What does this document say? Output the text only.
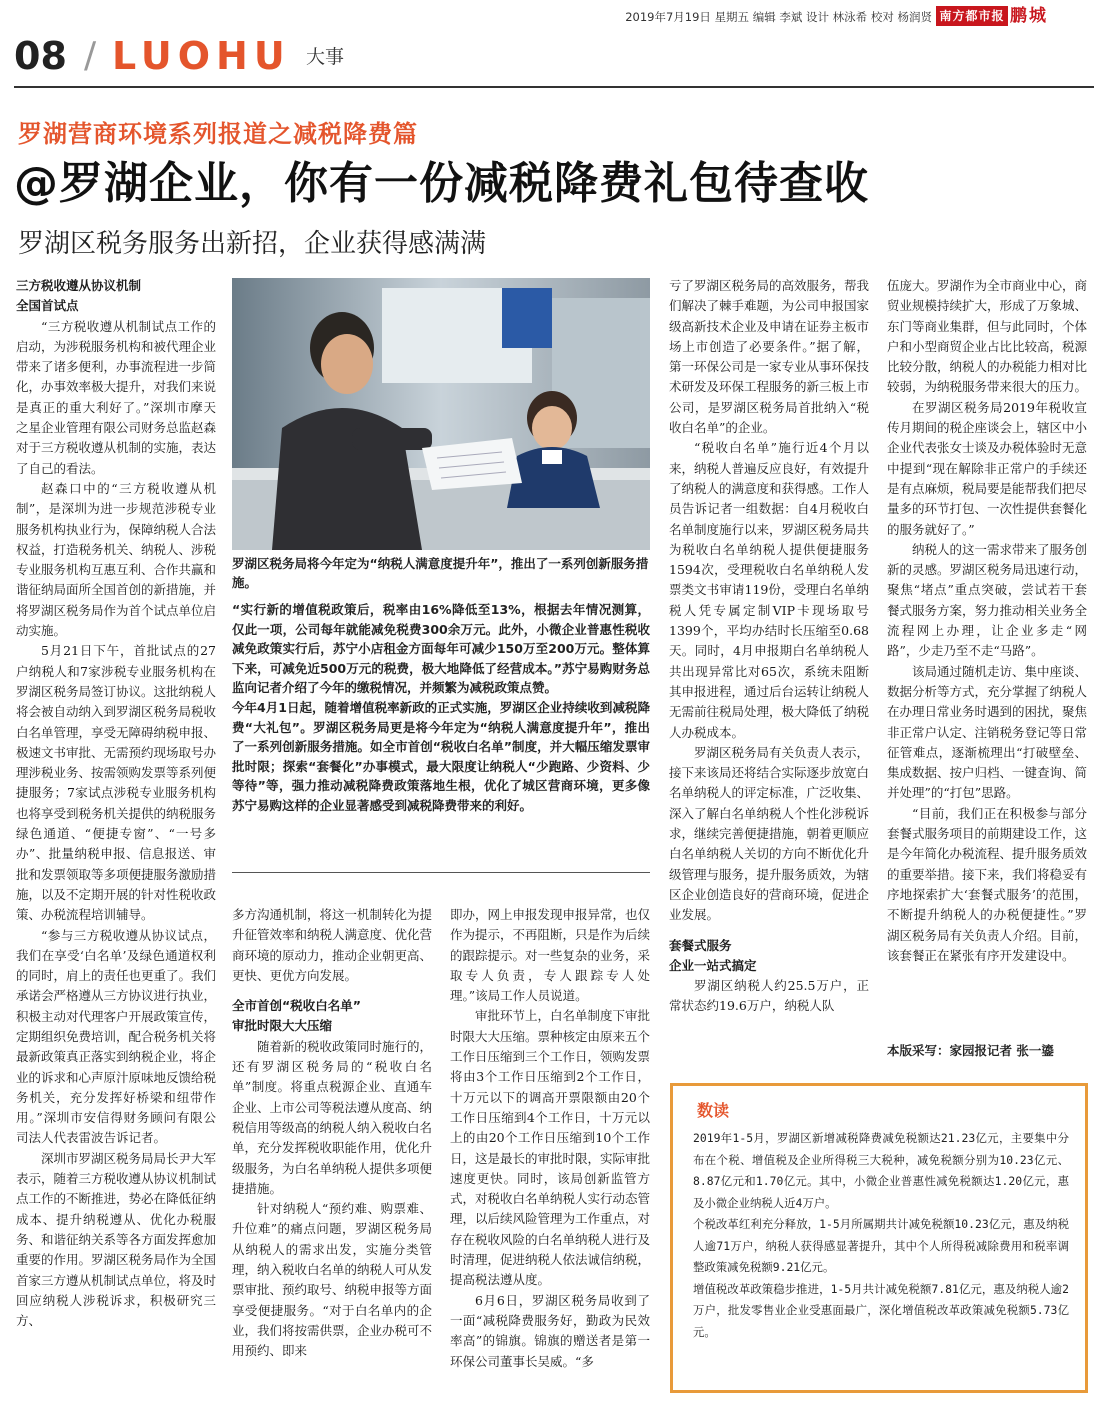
2019年7月19日 星期五 编辑 李斌 设计 林泳希 校对 杨润贤 南方都市报 鹏城
08 / LUOHU 大事
罗湖营商环境系列报道之减税降费篇
@罗湖企业，你有一份减税降费礼包待查收
罗湖区税务服务出新招，企业获得感满满

三方税收遵从协议机制

全国首试点

“三方税收遵从机制试点工作的启动，为涉税服务机构和被代理企业带来了诸多便利，办事流程进一步简化，办事效率极大提升，对我们来说是真正的重大利好了。”深圳市摩天之星企业管理有限公司财务总监赵森对于三方税收遵从机制的实施，表达了自己的看法。

赵森口中的“三方税收遵从机制”，是深圳为进一步规范涉税专业服务机构执业行为，保障纳税人合法权益，打造税务机关、纳税人、涉税专业服务机构互惠互利、合作共赢和谐征纳局面所全国首创的新措施，并将罗湖区税务局作为首个试点单位启动实施。

5月21日下午，首批试点的27户纳税人和7家涉税专业服务机构在罗湖区税务局签订协议。这批纳税人将会被自动纳入到罗湖区税务局税收白名单管理，享受无障碍纳税申报、极速文书审批、无需预约现场取号办理涉税业务、按需领购发票等系列便捷服务；7家试点涉税专业服务机构也将享受到税务机关提供的纳税服务绿色通道、“便捷专窗”、“一号多办”、批量纳税申报、信息报送、审批和发票领取等多项便捷服务激励措施，以及不定期开展的针对性税收政策、办税流程培训辅导。

“参与三方税收遵从协议试点，我们在享受‘白名单’及绿色通道权利的同时，肩上的责任也更重了。我们承诺会严格遵从三方协议进行执业，积极主动对代理客户开展政策宣传，定期组织免费培训，配合税务机关将最新政策真正落实到纳税企业，将企业的诉求和心声原汁原味地反馈给税务机关，充分发挥好桥梁和纽带作用。”深圳市安信得财务顾问有限公司法人代表雷波告诉记者。

深圳市罗湖区税务局局长尹大军表示，随着三方税收遵从协议机制试点工作的不断推进，势必在降低征纳成本、提升纳税遵从、优化办税服务、和谐征纳关系等各方面发挥愈加重要的作用。罗湖区税务局作为全国首家三方遵从机制试点单位，将及时回应纳税人涉税诉求，积极研究三方、

罗湖区税务局将今年定为“纳税人满意度提升年”，推出了一系列创新服务措施。

“实行新的增值税政策后，税率由16%降低至13%，根据去年情况测算，仅此一项，公司每年就能减免税费300余万元。此外，小微企业普惠性税收减免政策实行后，苏宁小店租金方面每年可减少150万至200万元。整体算下来，可减免近500万元的税费，极大地降低了经营成本。”苏宁易购财务总监向记者介绍了今年的缴税情况，并频繁为减税政策点赞。

今年4月1日起，随着增值税率新政的正式实施，罗湖区企业持续收到减税降费“大礼包”。罗湖区税务局更是将今年定为“纳税人满意度提升年”，推出了一系列创新服务措施。如全市首创“税收白名单”制度，并大幅压缩发票审批时限；探索“套餐化”办事模式，最大限度让纳税人“少跑路、少资料、少等待”等，强力推动减税降费政策落地生根，优化了城区营商环境，更多像苏宁易购这样的企业显著感受到减税降费带来的利好。

多方沟通机制，将这一机制转化为提升征管效率和纳税人满意度、优化营商环境的原动力，推动企业朝更高、更快、更优方向发展。

全市首创“税收白名单”

审批时限大大压缩

随着新的税收政策同时施行的，还有罗湖区税务局的“税收白名单”制度。将重点税源企业、直通车企业、上市公司等税法遵从度高、纳税信用等级高的纳税人纳入税收白名单，充分发挥税收职能作用，优化升级服务，为白名单纳税人提供多项便捷措施。

针对纳税人“预约难、购票难、升位难”的痛点问题，罗湖区税务局从纳税人的需求出发，实施分类管理，纳入税收白名单的纳税人可从发票审批、预约取号、纳税申报等方面享受便捷服务。“对于白名单内的企业，我们将按需供票，企业办税可不用预约、即来

即办，网上申报发现申报异常，也仅作为提示，不再阻断，只是作为后续的跟踪提示。对一些复杂的业务，采取专人负责，专人跟踪专人处理。”该局工作人员说道。

审批环节上，白名单制度下审批时限大大压缩。票种核定由原来五个工作日压缩到三个工作日，领购发票将由3个工作日压缩到2个工作日，十万元以下的调高开票限额由20个工作日压缩到4个工作日，十万元以上的由20个工作日压缩到10个工作日，这是最长的审批时限，实际审批速度更快。同时，该局创新监管方式，对税收白名单纳税人实行动态管理，以后续风险管理为工作重点，对存在税收风险的白名单纳税人进行及时清理，促进纳税人依法诚信纳税，提高税法遵从度。

6月6日，罗湖区税务局收到了一面“减税降费服务好，勤政为民效率高”的锦旗。锦旗的赠送者是第一环保公司董事长吴威。“多

亏了罗湖区税务局的高效服务，帮我们解决了棘手难题，为公司申报国家级高新技术企业及申请在证券主板市场上市创造了必要条件。”据了解，第一环保公司是一家专业从事环保技术研发及环保工程服务的新三板上市公司，是罗湖区税务局首批纳入“税收白名单”的企业。

“税收白名单”施行近4个月以来，纳税人普遍反应良好，有效提升了纳税人的满意度和获得感。工作人员告诉记者一组数据：自4月税收白名单制度施行以来，罗湖区税务局共为税收白名单纳税人提供便捷服务1594次，受理税收白名单纳税人发票类文书审请119份，受理白名单纳税人凭专属定制VIP卡现场取号1399个，平均办结时长压缩至0.68天。同时，4月申报期白名单纳税人共出现异常比对65次，系统未阻断其申报进程，通过后台运转让纳税人无需前往税局处理，极大降低了纳税人办税成本。

罗湖区税务局有关负责人表示，接下来该局还将结合实际逐步放宽白名单纳税人的评定标准，广泛收集、深入了解白名单纳税人个性化涉税诉求，继续完善便捷措施，朝着更顺应白名单纳税人关切的方向不断优化升级管理与服务，提升服务质效，为辖区企业创造良好的营商环境，促进企业发展。

套餐式服务

企业一站式搞定

罗湖区纳税人约25.5万户，正常状态约19.6万户，纳税人队

伍庞大。罗湖作为全市商业中心，商贸业规模持续扩大，形成了万象城、东门等商业集群，但与此同时，个体户和小型商贸企业占比比较高，税源比较分散，纳税人的办税能力相对比较弱，为纳税服务带来很大的压力。

在罗湖区税务局2019年税收宣传月期间的税企座谈会上，辖区中小企业代表张女士谈及办税体验时无意中提到“现在解除非正常户的手续还是有点麻烦，税局要是能帮我们把尽量多的环节打包、一次性提供套餐化的服务就好了。”

纳税人的这一需求带来了服务创新的灵感。罗湖区税务局迅速行动，聚焦“堵点”重点突破，尝试若干套餐式服务方案，努力推动相关业务全流程网上办理，让企业多走“网路”，少走乃至不走“马路”。

该局通过随机走访、集中座谈、数据分析等方式，充分掌握了纳税人在办理日常业务时遇到的困扰，聚焦非正常户认定、注销税务登记等日常征管难点，逐渐梳理出“打破壁垒、集成数据、按户归档、一键查询、简并处理”的“打包”思路。

“目前，我们正在积极参与部分套餐式服务项目的前期建设工作，这是今年简化办税流程、提升服务质效的重要举措。接下来，我们将稳妥有序地探索扩大‘套餐式服务’的范围，不断提升纳税人的办税便捷性。”罗湖区税务局有关负责人介绍。目前，该套餐正在紧张有序开发建设中。

本版采写：家园报记者 张一鎏
数读

2019年1-5月，罗湖区新增减税降费减免税额达21.23亿元，主要集中分布在个税、增值税及企业所得税三大税种，减免税额分别为10.23亿元、8.87亿元和1.70亿元。其中，小微企业普惠性减免税额达1.20亿元，惠及小微企业纳税人近4万户。

个税改革红利充分释放，1-5月所属期共计减免税额10.23亿元，惠及纳税人逾71万户，纳税人获得感显著提升，其中个人所得税减除费用和税率调整政策减免税额9.21亿元。

增值税改革政策稳步推进，1-5月共计减免税额7.81亿元，惠及纳税人逾2万户，批发零售业企业受惠面最广，深化增值税改革政策减免税额5.73亿元。
